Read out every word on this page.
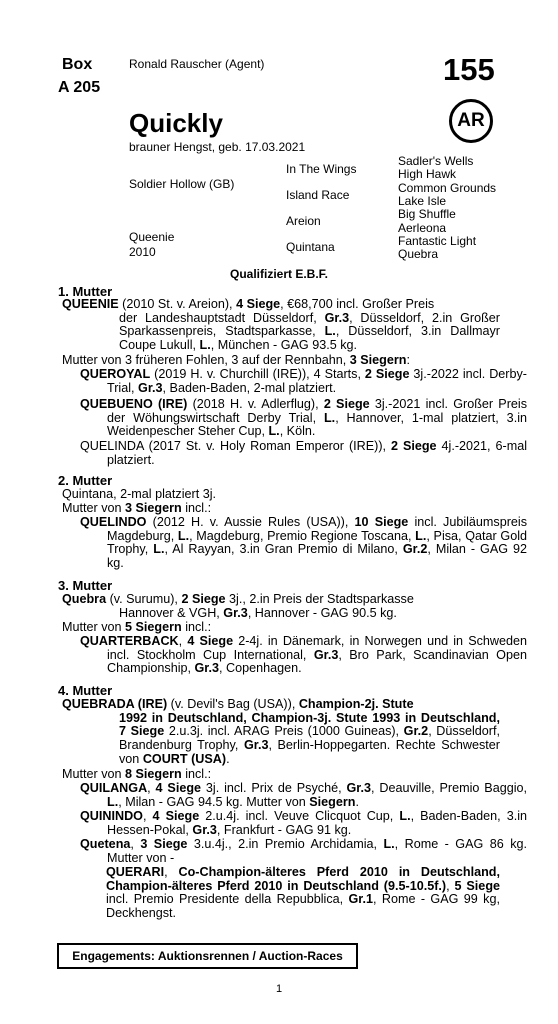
Box
A 205
Ronald Rauscher (Agent)	155
Quickly	AR
brauner Hengst, geb. 17.03.2021
Soldier Hollow (GB)
Queenie
2010
In The Wings
Island Race
Areion
Quintana
Sadler's Wells
High Hawk
Common Grounds
Lake Isle
Big Shuffle
Aerleona
Fantastic Light
Quebra
Qualifiziert E.B.F.
1. Mutter
QUEENIE (2010 St. v. Areion), 4 Siege, €68,700 incl. Großer Preis
der Landeshauptstadt Düsseldorf, Gr.3, Düsseldorf, 2.in Großer Sparkassenpreis, Stadtsparkasse, L., Düsseldorf, 3.in Dallmayr Coupe Lukull, L., München - GAG 93.5 kg.
Mutter von 3 früheren Fohlen, 3 auf der Rennbahn, 3 Siegern:
QUEROYAL (2019 H. v. Churchill (IRE)), 4 Starts, 2 Siege 3j.-2022 incl. Derby-Trial, Gr.3, Baden-Baden, 2-mal platziert.
QUEBUENO (IRE) (2018 H. v. Adlerflug), 2 Siege 3j.-2021 incl. Großer Preis der Wöhungswirtschaft Derby Trial, L., Hannover, 1-mal platziert, 3.in Weidenpescher Steher Cup, L., Köln.
QUELINDA (2017 St. v. Holy Roman Emperor (IRE)), 2 Siege 4j.-2021, 6-mal platziert.
2. Mutter
Quintana, 2-mal platziert 3j.
Mutter von 3 Siegern incl.:
QUELINDO (2012 H. v. Aussie Rules (USA)), 10 Siege incl. Jubiläumspreis Magdeburg, L., Magdeburg, Premio Regione Toscana, L., Pisa, Qatar Gold Trophy, L., Al Rayyan, 3.in Gran Premio di Milano, Gr.2, Milan - GAG 92 kg.
3. Mutter
Quebra (v. Surumu), 2 Siege 3j., 2.in Preis der Stadtsparkasse
Hannover & VGH, Gr.3, Hannover - GAG 90.5 kg.
Mutter von 5 Siegern incl.:
QUARTERBACK, 4 Siege 2-4j. in Dänemark, in Norwegen und in Schweden incl. Stockholm Cup International, Gr.3, Bro Park, Scandinavian Open Championship, Gr.3, Copenhagen.
4. Mutter
QUEBRADA (IRE) (v. Devil's Bag (USA)), Champion-2j. Stute
1992 in Deutschland, Champion-3j. Stute 1993 in Deutschland, 7 Siege 2.u.3j. incl. ARAG Preis (1000 Guineas), Gr.2, Düsseldorf, Brandenburg Trophy, Gr.3, Berlin-Hoppegarten. Rechte Schwester von COURT (USA).
Mutter von 8 Siegern incl.:
QUILANGA, 4 Siege 3j. incl. Prix de Psyché, Gr.3, Deauville, Premio Baggio, L., Milan - GAG 94.5 kg. Mutter von Siegern.
QUININDO, 4 Siege 2.u.4j. incl. Veuve Clicquot Cup, L., Baden-Baden, 3.in Hessen-Pokal, Gr.3, Frankfurt - GAG 91 kg.
Quetena, 3 Siege 3.u.4j., 2.in Premio Archidamia, L., Rome - GAG 86 kg. Mutter von -
QUERARI, Co-Champion-älteres Pferd 2010 in Deutschland, Champion-älteres Pferd 2010 in Deutschland (9.5-10.5f.), 5 Siege incl. Premio Presidente della Repubblica, Gr.1, Rome - GAG 99 kg, Deckhengst.
Engagements: Auktionsrennen / Auction-Races
1
